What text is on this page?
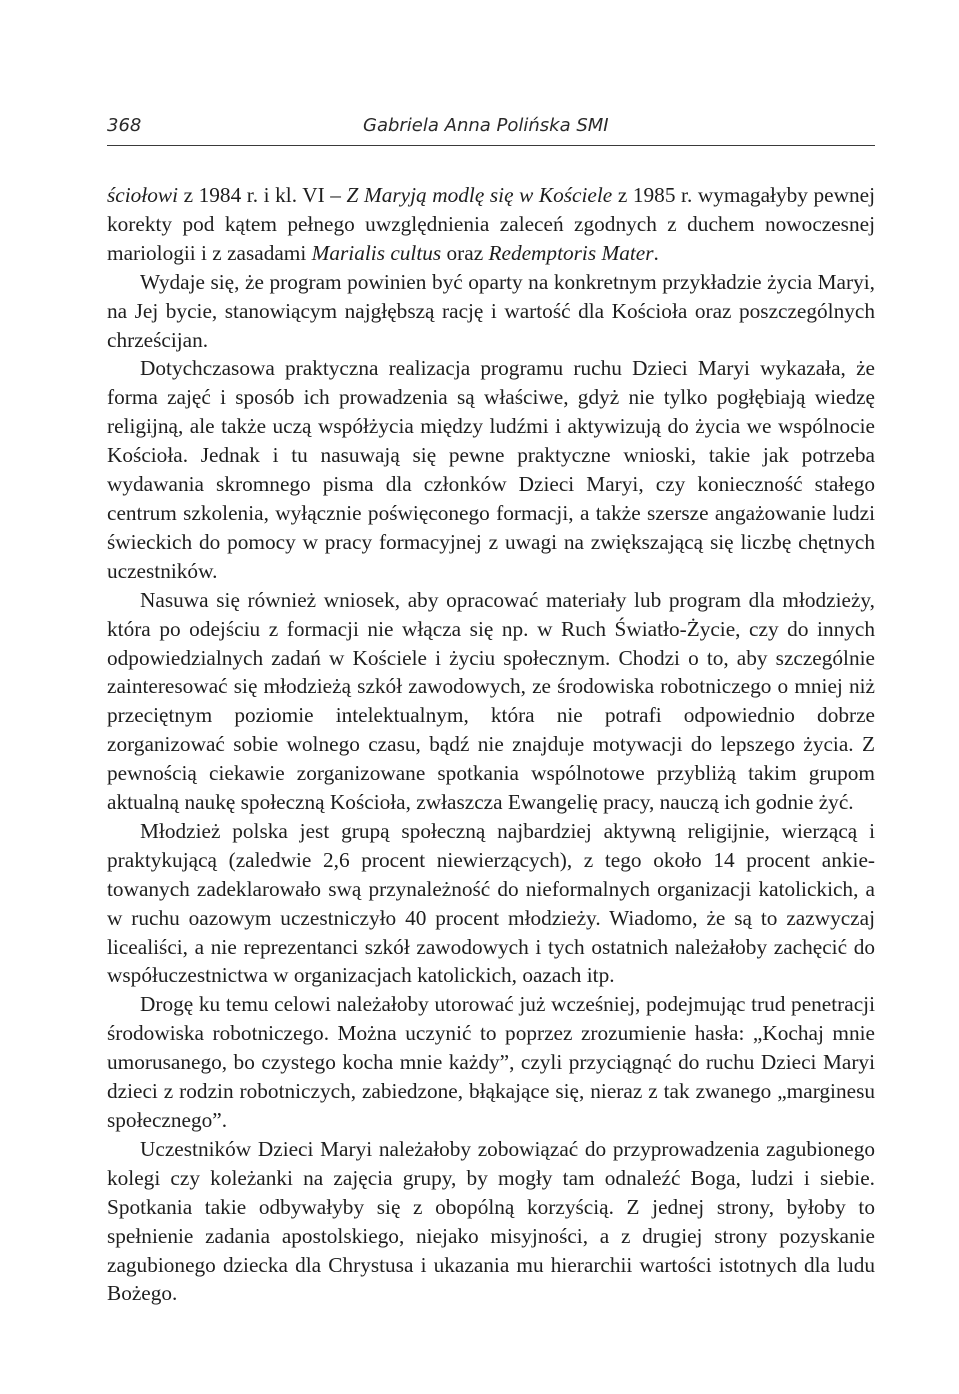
368	Gabriela Anna Polińska SMI

ściołowi z 1984 r. i kl. VI – Z Maryją modlę się w Kościele z 1985 r. wymagałyby pewnej korekty pod kątem pełnego uwzględnienia zaleceń zgodnych z duchem nowoczesnej mariologii i z zasadami Marialis cultus oraz Redemptoris Mater.

Wydaje się, że program powinien być oparty na konkretnym przykładzie życia Maryi, na Jej bycie, stanowiącym najgłębszą rację i wartość dla Kościoła oraz poszczególnych chrześcijan.

Dotychczasowa praktyczna realizacja programu ruchu Dzieci Maryi wykazała, że forma zajęć i sposób ich prowadzenia są właściwe, gdyż nie tylko pogłębiają wiedzę religijną, ale także uczą współżycia między ludźmi i aktywizują do życia we wspólnocie Kościoła. Jednak i tu nasuwają się pewne praktyczne wnioski, takie jak potrzeba wydawania skromnego pisma dla członków Dzieci Maryi, czy konieczność stałego centrum szkolenia, wyłącznie poświęconego formacji, a także szersze angażowanie ludzi świeckich do pomocy w pracy formacyjnej z uwagi na zwiększającą się liczbę chętnych uczestników.

Nasuwa się również wniosek, aby opracować materiały lub program dla młodzieży, która po odejściu z formacji nie włącza się np. w Ruch Światło-Życie, czy do innych odpowiedzialnych zadań w Kościele i życiu społecznym. Chodzi o to, aby szczególnie zainteresować się młodzieżą szkół zawodowych, ze środowiska robotniczego o mniej niż przeciętnym poziomie intelektualnym, która nie potrafi odpowiednio dobrze zorganizować sobie wolnego czasu, bądź nie znajduje motywacji do lepszego życia. Z pewnością ciekawie zorganizowane spotkania wspólnotowe przybliżą takim grupom aktualną naukę społeczną Kościoła, zwłaszcza Ewangelię pracy, nauczą ich godnie żyć.

Młodzież polska jest grupą społeczną najbardziej aktywną religijnie, wierzącą i praktykującą (zaledwie 2,6 procent niewierzących), z tego około 14 procent ankietowanych zadeklarowało swą przynależność do nieformalnych organizacji katolickich, a w ruchu oazowym uczestniczyło 40 procent młodzieży. Wiadomo, że są to zazwyczaj licealiści, a nie reprezentanci szkół zawodowych i tych ostatnich należałoby zachęcić do współuczestnictwa w organizacjach katolickich, oazach itp.

Drogę ku temu celowi należałoby utorować już wcześniej, podejmując trud penetracji środowiska robotniczego. Można uczynić to poprzez zrozumienie hasła: „Kochaj mnie umorusanego, bo czystego kocha mnie każdy”, czyli przyciągnąć do ruchu Dzieci Maryi dzieci z rodzin robotniczych, zabiedzone, błąkające się, nieraz z tak zwanego „marginesu społecznego”.

Uczestników Dzieci Maryi należałoby zobowiązać do przyprowadzenia zagubionego kolegi czy koleżanki na zajęcia grupy, by mogły tam odnaleźć Boga, ludzi i siebie. Spotkania takie odbywałyby się z obopólną korzyścią. Z jednej strony, byłoby to spełnienie zadania apostolskiego, niejako misyjności, a z drugiej strony pozyskanie zagubionego dziecka dla Chrystusa i ukazania mu hierarchii wartości istotnych dla ludu Bożego.
